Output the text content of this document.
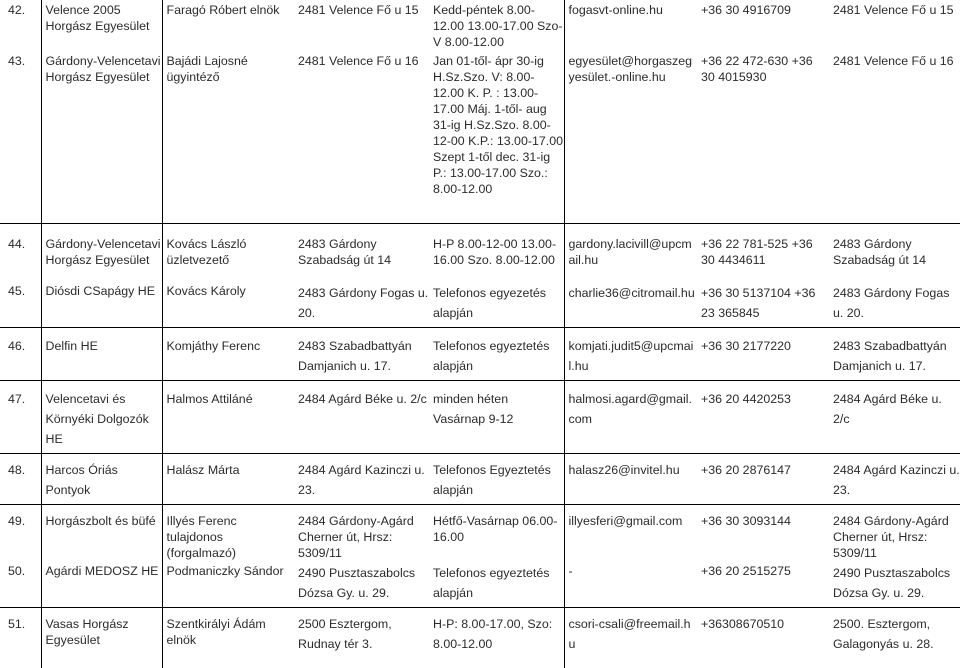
42.	Velence 2005 Horgász Egyesület	Faragó Róbert elnök	2481 Velence Fő u 15	Kedd-péntek 8.00-12.00 13.00-17.00 Szo-V 8.00-12.00	fogasvt-online.hu	+36 30 4916709	2481 Velence Fő u 15
43.	Gárdony-Velencetavi Horgász Egyesület	Bajádi Lajosné ügyintéző	2481 Velence Fő u 16	Jan 01-től- ápr 30-ig H.Sz.Szo. V: 8.00-12.00 K. P. : 13.00-17.00 Máj. 1-től- aug 31-ig H.Sz.Szo. 8.00-12-00 K.P.: 13.00-17.00 Szept 1-től dec. 31-ig P.: 13.00-17.00 Szo.: 8.00-12.00	egyesület@horgaszegyesület.-online.hu	+36 22 472-630 +36 30 4015930	2481 Velence Fő u 16
44.	Gárdony-Velencetavi Horgász Egyesület	Kovács László üzletvezető	2483 Gárdony Szabadság út 14	H-P 8.00-12-00 13.00-16.00 Szo. 8.00-12.00	gardony.lacivill@upcmail.hu	+36 22 781-525 +36 30 4434611	2483 Gárdony Szabadság út 14
45.	Diósdi CSapágy HE	Kovács Károly	2483 Gárdony Fogas u. 20.	Telefonos egyezetés alapján	charlie36@citromail.hu	+36 30 5137104 +36 23 365845	2483 Gárdony Fogas u. 20.
46.	Delfin HE	Komjáthy Ferenc	2483 Szabadbattyán Damjanich u. 17.	Telefonos egyeztetés alapján	komjati.judit5@upcmail.hu	+36 30 2177220	2483 Szabadbattyán Damjanich u. 17.
47.	Velencetavi és Környéki Dolgozók HE	Halmos Attiláné	2484 Agárd Béke u. 2/c	minden héten Vasárnap 9-12	halmosi.agard@gmail.com	+36 20 4420253	2484 Agárd Béke u. 2/c
48.	Harcos Óriás Pontyok	Halász Márta	2484 Agárd Kazinczi u. 23.	Telefonos Egyeztetés alapján	halasz26@invitel.hu	+36 20 2876147	2484 Agárd Kazinczi u. 23.
49.	Horgászbolt és büfé	Illyés Ferenc tulajdonos (forgalmazó)	2484 Gárdony-Agárd Cherner út, Hrsz: 5309/11	Hétfő-Vasárnap 06.00-16.00	illyesferi@gmail.com	+36 30 3093144	2484 Gárdony-Agárd Cherner út, Hrsz: 5309/11
50.	Agárdi MEDOSZ HE	Podmaniczky Sándor	2490 Pusztaszabolcs Dózsa Gy. u. 29.	Telefonos egyeztetés alapján	-	+36 20 2515275	2490 Pusztaszabolcs Dózsa Gy. u. 29.
51.	Vasas Horgász Egyesület	Szentkirályi Ádám elnök	2500 Esztergom, Rudnay tér 3.	H-P: 8.00-17.00, Szo: 8.00-12.00	csori-csali@freemail.hu	+36308670510	2500. Esztergom, Galagonyás u. 28.
